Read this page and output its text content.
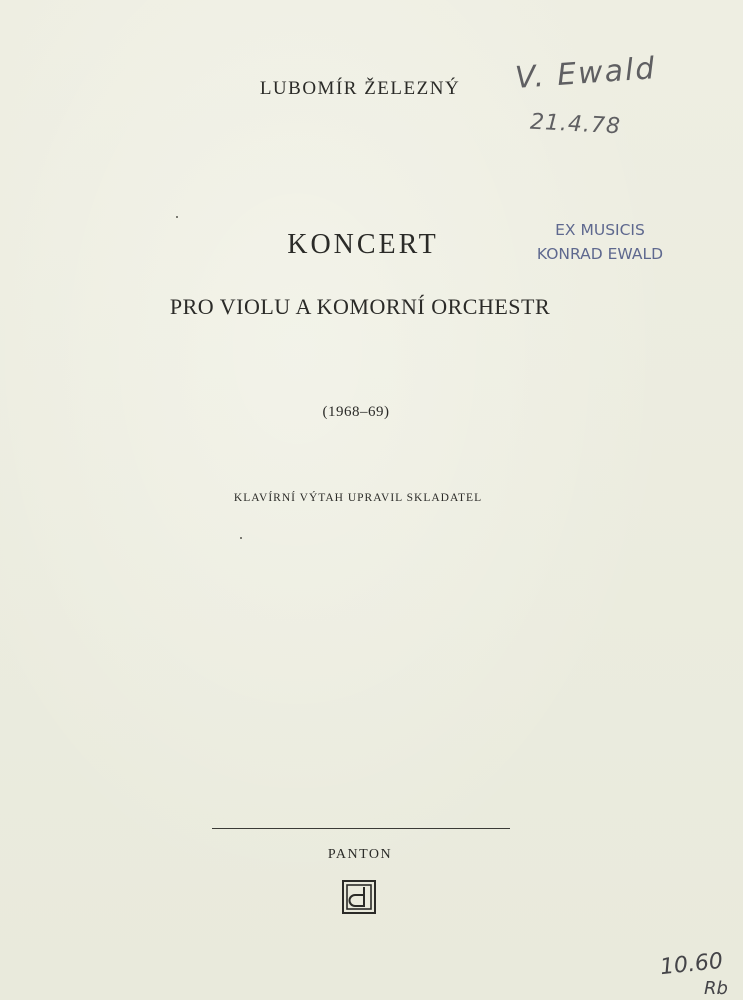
V. Ewald
21.4.78
LUBOMÍR ŽELEZNÝ
EX MUSICIS
KONRAD EWALD
KONCERT
PRO VIOLU A KOMORNÍ ORCHESTR
(1968–69)
KLAVÍRNÍ VÝTAH UPRAVIL SKLADATEL
PANTON
10.60
Rb
